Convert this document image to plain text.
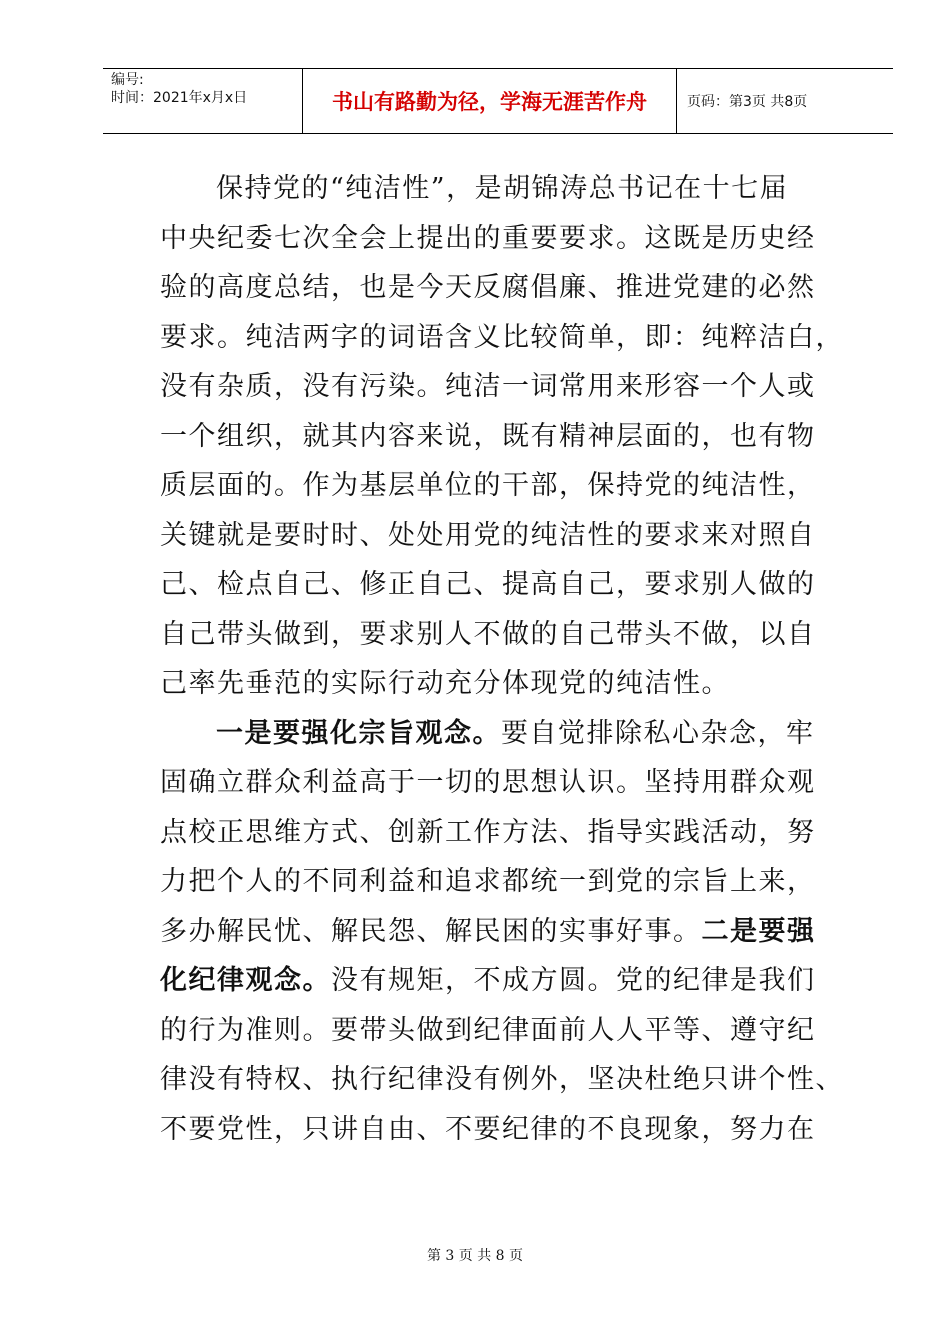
编号:
时间：2021年x月x日	书山有路勤为径，学海无涯苦作舟	页码：第3页 共8页
保持党的“纯洁性”，是胡锦涛总书记在十七届
中央纪委七次全会上提出的重要要求。这既是历史经
验的高度总结，也是今天反腐倡廉、推进党建的必然
要求。纯洁两字的词语含义比较简单，即：纯粹洁白，
没有杂质，没有污染。纯洁一词常用来形容一个人或
一个组织，就其内容来说，既有精神层面的，也有物
质层面的。作为基层单位的干部，保持党的纯洁性，
关键就是要时时、处处用党的纯洁性的要求来对照自
己、检点自己、修正自己、提高自己，要求别人做的
自己带头做到，要求别人不做的自己带头不做，以自
己率先垂范的实际行动充分体现党的纯洁性。
一是要强化宗旨观念。要自觉排除私心杂念，牢
固确立群众利益高于一切的思想认识。坚持用群众观
点校正思维方式、创新工作方法、指导实践活动，努
力把个人的不同利益和追求都统一到党的宗旨上来，
多办解民忧、解民怨、解民困的实事好事。二是要强
化纪律观念。没有规矩，不成方圆。党的纪律是我们
的行为准则。要带头做到纪律面前人人平等、遵守纪
律没有特权、执行纪律没有例外，坚决杜绝只讲个性、
不要党性，只讲自由、不要纪律的不良现象，努力在
第 3 页 共 8 页
